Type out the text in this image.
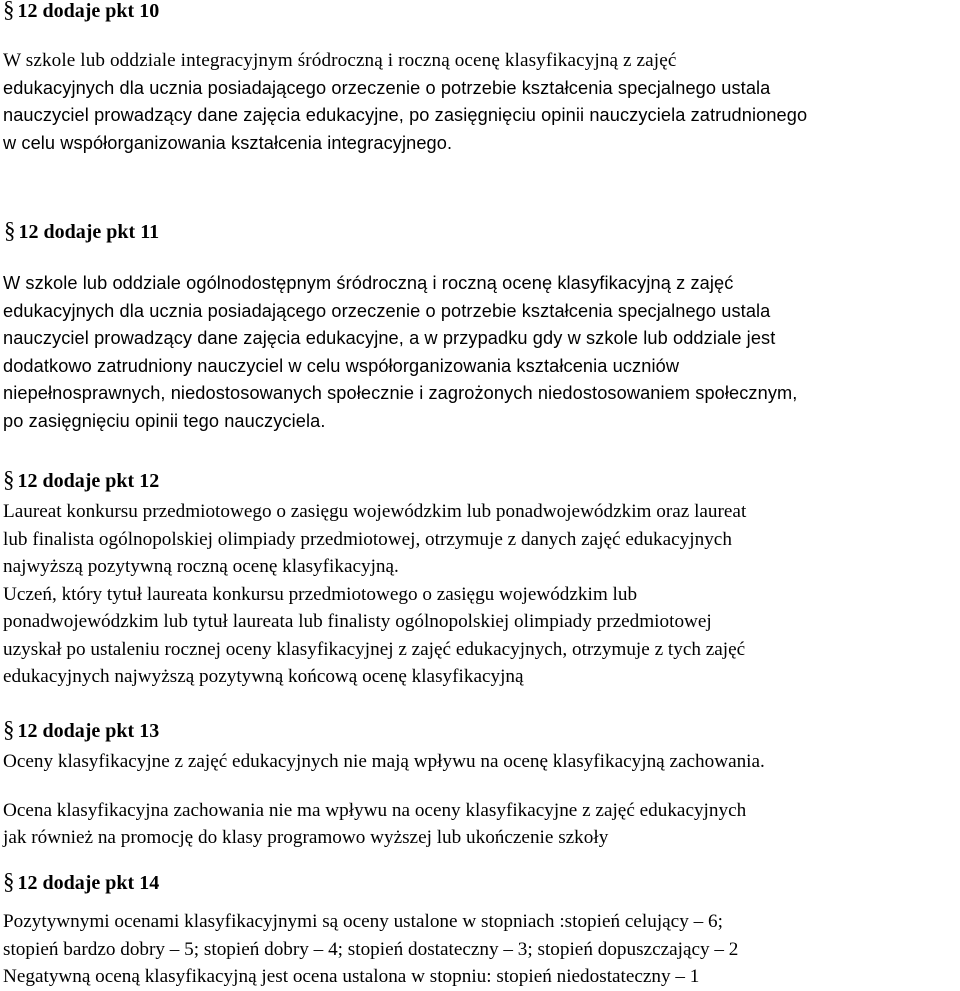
§ 12 dodaje pkt 10
W szkole lub oddziale integracyjnym śródroczną i roczną ocenę klasyfikacyjną z zajęć
edukacyjnych dla ucznia posiadającego orzeczenie o potrzebie kształcenia specjalnego ustala
nauczyciel prowadzący dane zajęcia edukacyjne, po zasięgnięciu opinii nauczyciela zatrudnionego
w celu współorganizowania kształcenia integracyjnego.
§ 12 dodaje pkt 11
W szkole lub oddziale ogólnodostępnym śródroczną i roczną ocenę klasyfikacyjną z zajęć
edukacyjnych dla ucznia posiadającego orzeczenie o potrzebie kształcenia specjalnego ustala
nauczyciel prowadzący dane zajęcia edukacyjne, a w przypadku gdy w szkole lub oddziale jest
dodatkowo zatrudniony nauczyciel w celu współorganizowania kształcenia uczniów
niepełnosprawnych, niedostosowanych społecznie i zagrożonych niedostosowaniem społecznym,
po zasięgnięciu opinii tego nauczyciela.
§ 12 dodaje pkt 12
Laureat konkursu przedmiotowego o zasięgu wojewódzkim lub ponadwojewódzkim oraz laureat
lub finalista ogólnopolskiej olimpiady przedmiotowej, otrzymuje z danych zajęć edukacyjnych
najwyższą pozytywną roczną ocenę klasyfikacyjną.
Uczeń, który tytuł laureata konkursu przedmiotowego o zasięgu wojewódzkim lub
ponadwojewódzkim lub tytuł laureata lub finalisty ogólnopolskiej olimpiady przedmiotowej
uzyskał po ustaleniu rocznej oceny klasyfikacyjnej z zajęć edukacyjnych, otrzymuje z tych zajęć
edukacyjnych najwyższą pozytywną końcową ocenę klasyfikacyjną
§ 12 dodaje pkt 13
Oceny klasyfikacyjne z zajęć edukacyjnych nie mają wpływu na ocenę klasyfikacyjną zachowania.
Ocena klasyfikacyjna zachowania nie ma wpływu na oceny klasyfikacyjne z zajęć edukacyjnych
jak również na promocję do klasy programowo wyższej lub ukończenie szkoły
§ 12 dodaje pkt 14
Pozytywnymi ocenami klasyfikacyjnymi są oceny ustalone w stopniach :stopień celujący – 6;
stopień bardzo dobry – 5; stopień dobry – 4; stopień dostateczny – 3; stopień dopuszczający – 2
Negatywną oceną klasyfikacyjną jest ocena ustalona w stopniu: stopień niedostateczny – 1
